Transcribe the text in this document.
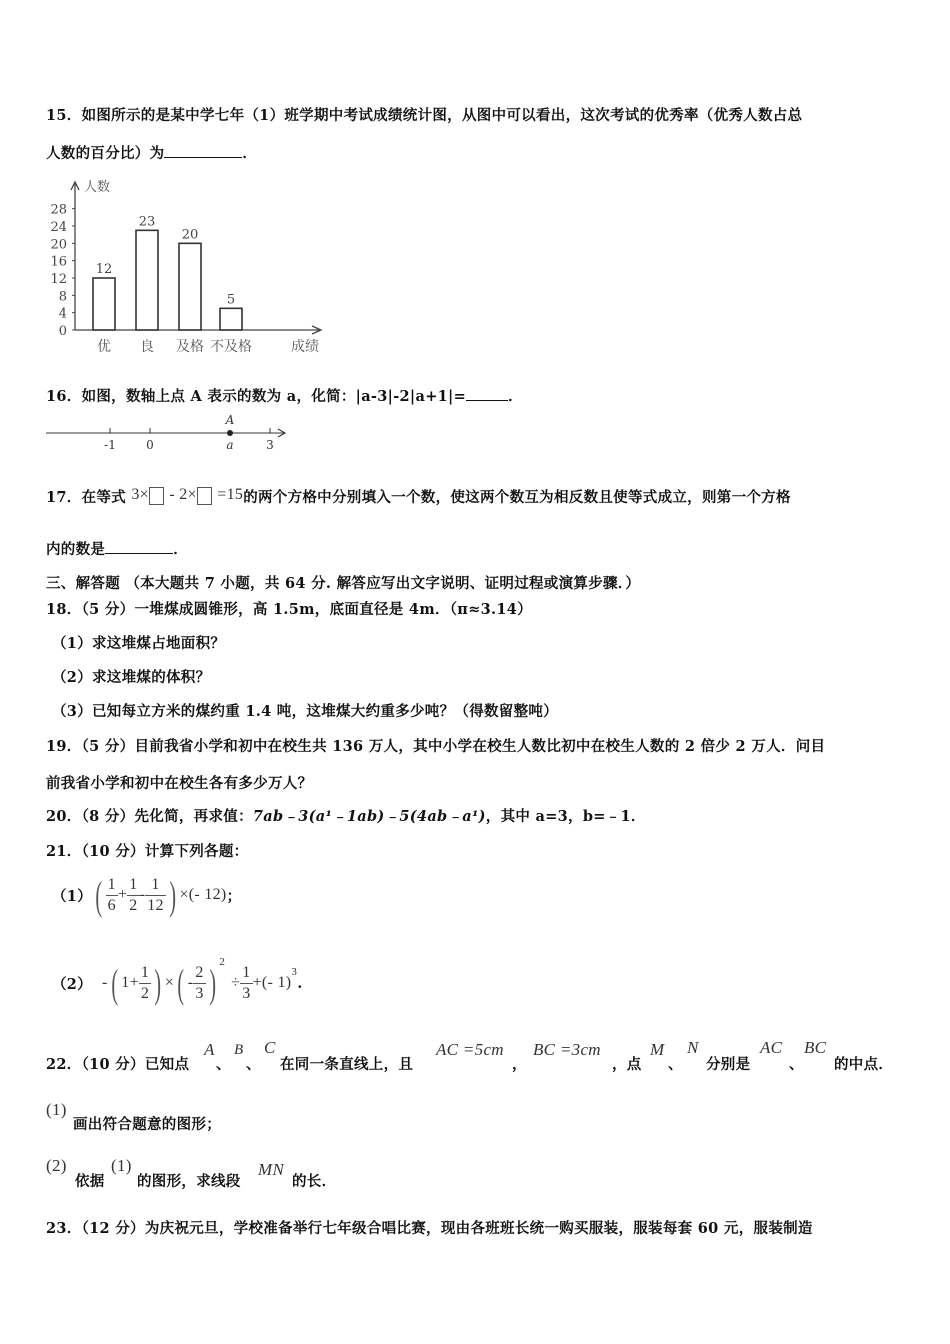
15．如图所示的是某中学七年（1）班学期中考试成绩统计图，从图中可以看出，这次考试的优秀率（优秀人数占总
人数的百分比）为	．
人数
0
4
8
12
16
20
24
28
12
优
23
良
20
及格
5
不及格	成绩
16．如图，数轴上点 A 表示的数为 a，化简：|a-3|-2|a+1|=	．
-1	0	3
A
a
17．在等式 3× - 2× =15的两个方格中分别填入一个数，使这两个数互为相反数且使等式成立，则第一个方格
内的数是	．
三、解答题 （本大题共 7 小题，共 64 分. 解答应写出文字说明、证明过程或演算步骤．）
18．（5 分）一堆煤成圆锥形，高 1.5m，底面直径是 4m．（π≈3.14）
（1）求这堆煤占地面积？
（2）求这堆煤的体积？
（3）已知每立方米的煤约重 1.4 吨，这堆煤大约重多少吨？（得数留整吨）
19．（5 分）目前我省小学和初中在校生共 136 万人，其中小学在校生人数比初中在校生人数的 2 倍少 2 万人．问目
前我省小学和初中在校生各有多少万人？
20．（8 分）先化简，再求值：7ab﹣3(a¹﹣1ab)﹣5(4ab﹣a¹)，其中 a=3，b=﹣1．
21．（10 分）计算下列各题：
（1） ( $\frac{1}{6} + \frac{1}{2} - \frac{1}{12}$ ) ×(- 12) ；
（2） - ( $1+ \frac{1}{2}$ ) × ( - $\frac{2}{3}$ ) 2
÷ $\frac{1}{3}$ +(- 1)
3
.
22．（10 分）已知点
A
、
B
、
C
在同一条直线上，且
AC =5cm
，
BC =3cm
，点
M
、
N
分别是
AC
、
BC
的中点．
(1)
画出符合题意的图形；
(2)
依据
(1)
的图形，求线段
MN
的长．
23．（12 分）为庆祝元旦，学校准备举行七年级合唱比赛，现由各班班长统一购买服装，服装每套 60 元，服装制造
